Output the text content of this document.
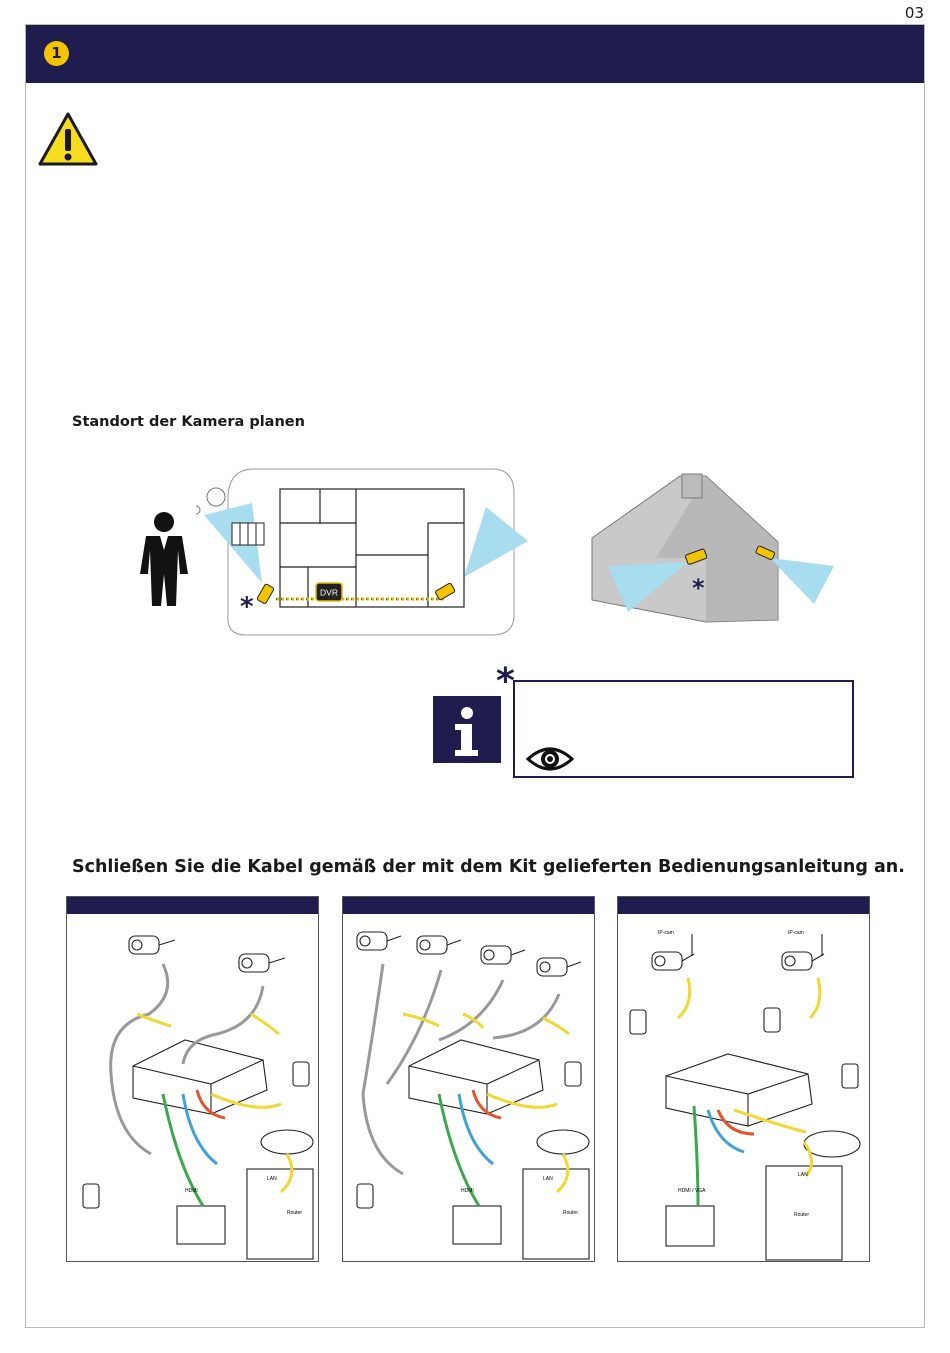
03
1
Standort der Kamera planen
DVR
*
*
*
Schließen Sie die Kabel gemäß der mit dem Kit gelieferten Bedienungsanleitung an.
Router
HDMI
LAN
Router
HDMI
LAN
IP-cam	IP-cam
Router
HDMI / VGA
LAN
